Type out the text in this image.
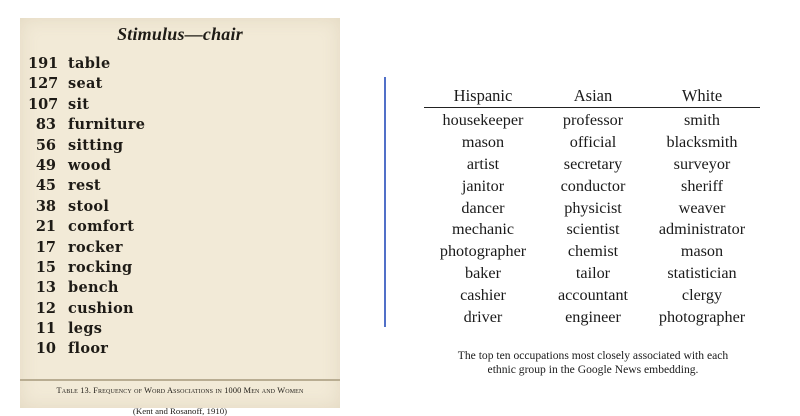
Stimulus—chair
191 table
127 seat
107 sit
83 furniture
56 sitting
49 wood
45 rest
38 stool
21 comfort
17 rocker
15 rocking
13 bench
12 cushion
11 legs
10 floor
Table 13. Frequency of Word Associations in 1000 Men and Women
(Kent and Rosanoff, 1910)
Hispanic	Asian	White
housekeeper	professor	smith
mason	official	blacksmith
artist	secretary	surveyor
janitor	conductor	sheriff
dancer	physicist	weaver
mechanic	scientist	administrator
photographer	chemist	mason
baker	tailor	statistician
cashier	accountant	clergy
driver	engineer	photographer
The top ten occupations most closely associated with each
ethnic group in the Google News embedding.
